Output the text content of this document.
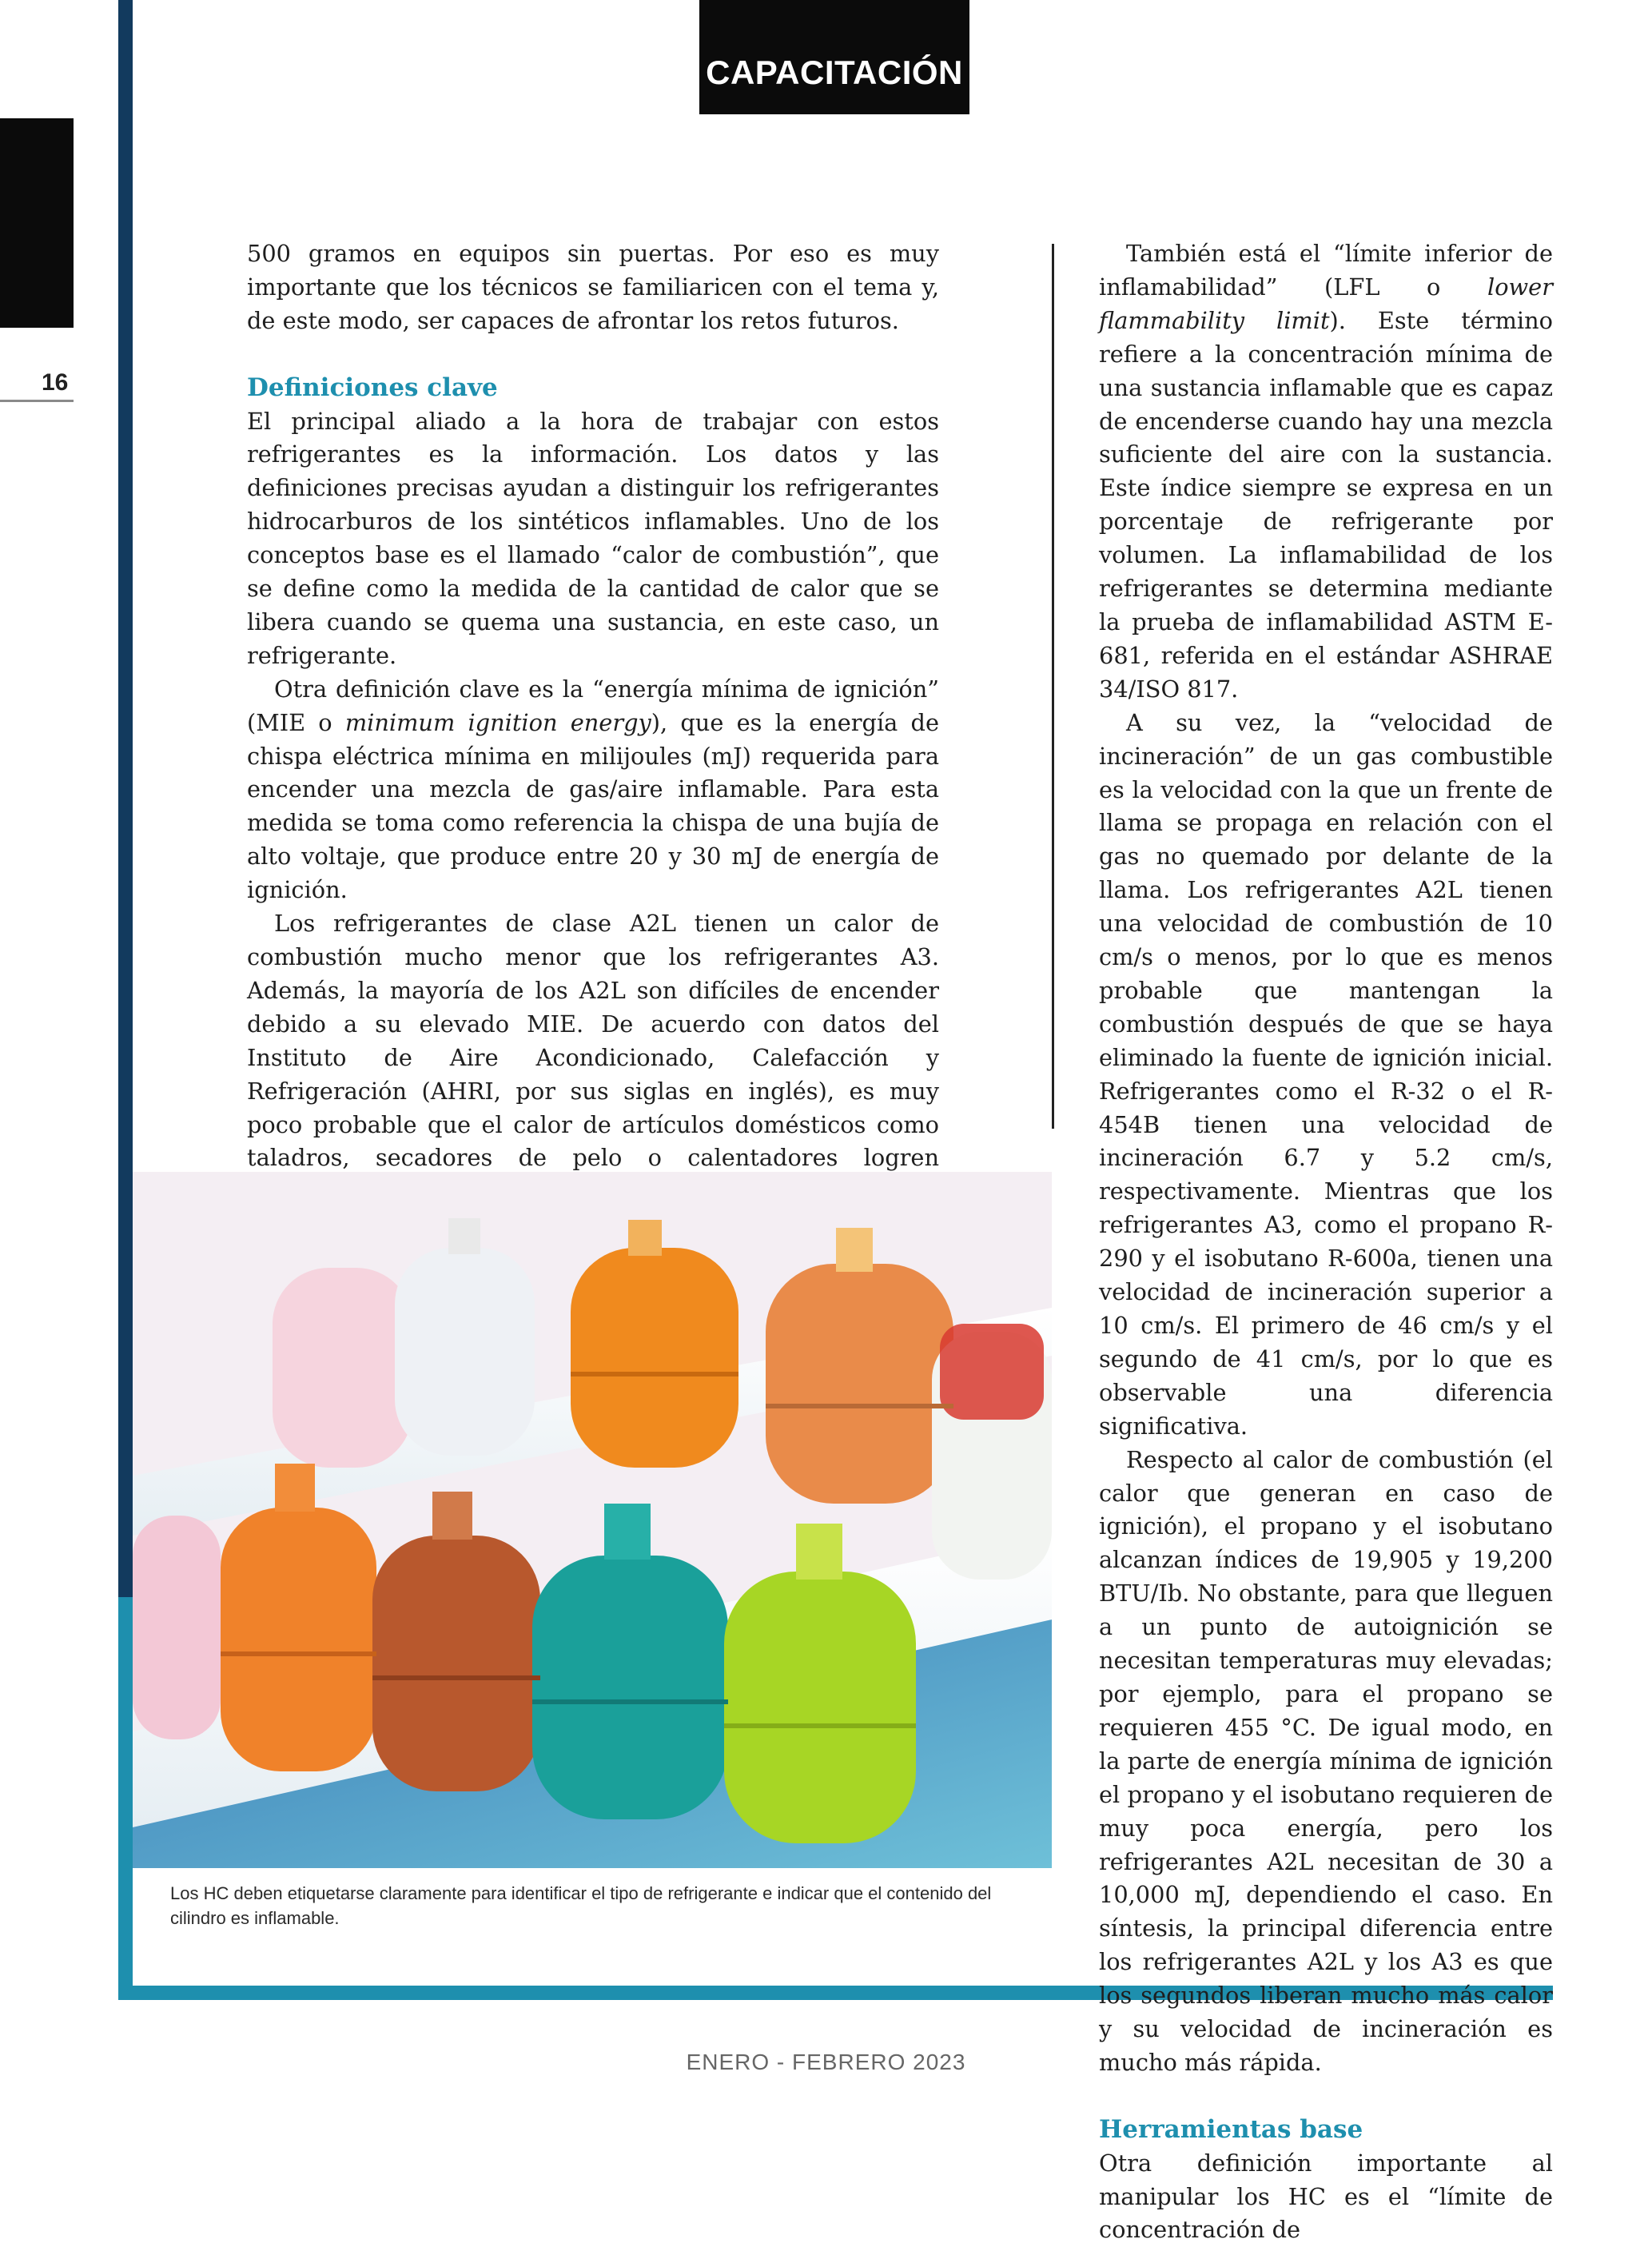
CAPACITACIÓN
16

500 gramos en equipos sin puertas. Por eso es muy importante que los técnicos se familiaricen con el tema y, de este modo, ser capaces de afrontar los retos futuros.

Definiciones clave

El principal aliado a la hora de trabajar con estos refrigerantes es la información. Los datos y las definiciones precisas ayudan a distinguir los refrigerantes hidrocarburos de los sintéticos inflamables. Uno de los conceptos base es el llamado “calor de combustión”, que se define como la medida de la cantidad de calor que se libera cuando se quema una sustancia, en este caso, un refrigerante.

Otra definición clave es la “energía mínima de ignición” (MIE o minimum ignition energy), que es la energía de chispa eléctrica mínima en milijoules (mJ) requerida para encender una mezcla de gas/aire inflamable. Para esta medida se toma como referencia la chispa de una bujía de alto voltaje, que produce entre 20 y 30 mJ de energía de ignición.

Los refrigerantes de clase A2L tienen un calor de combustión mucho menor que los refrigerantes A3. Además, la mayoría de los A2L son difíciles de encender debido a su elevado MIE. De acuerdo con datos del Instituto de Aire Acondicionado, Calefacción y Refrigeración (AHRI, por sus siglas en inglés), es muy poco probable que el calor de artículos domésticos como taladros, secadores de pelo o calentadores logren

También está el “límite inferior de inflamabilidad” (LFL o lower flammability limit). Este término refiere a la concentración mínima de una sustancia inflamable que es capaz de encenderse cuando hay una mezcla suficiente del aire con la sustancia. Este índice siempre se expresa en un porcentaje de refrigerante por volumen. La inflamabilidad de los refrigerantes se determina mediante la prueba de inflamabilidad ASTM E-681, referida en el estándar ASHRAE 34/ISO 817.

A su vez, la “velocidad de incineración” de un gas combustible es la velocidad con la que un frente de llama se propaga en relación con el gas no quemado por delante de la llama. Los refrigerantes A2L tienen una velocidad de combustión de 10 cm/s o menos, por lo que es menos probable que mantengan la combustión después de que se haya eliminado la fuente de ignición inicial. Refrigerantes como el R-32 o el R-454B tienen una velocidad de incineración 6.7 y 5.2 cm/s, respectivamente. Mientras que los refrigerantes A3, como el propano R-290 y el isobutano R-600a, tienen una velocidad de incineración superior a 10 cm/s. El primero de 46 cm/s y el segundo de 41 cm/s, por lo que es observable una diferencia significativa.

Respecto al calor de combustión (el calor que generan en caso de ignición), el propano y el isobutano alcanzan índices de 19,905 y 19,200 BTU/Ib. No obstante, para que lleguen a un punto de autoignición se necesitan temperaturas muy elevadas; por ejemplo, para el propano se requieren 455 °C. De igual modo, en la parte de energía mínima de ignición el propano y el isobutano requieren de muy poca energía, pero los refrigerantes A2L necesitan de 30 a 10,000 mJ, dependiendo el caso. En síntesis, la principal diferencia entre los refrigerantes A2L y los A3 es que los segundos liberan mucho más calor y su velocidad de incineración es mucho más rápida.

Herramientas base

Otra definición importante al manipular los HC es el “límite de concentración de

Los HC deben etiquetarse claramente para identificar el tipo de refrigerante e indicar que el contenido del cilindro es inflamable.
ENERO - FEBRERO 2023
